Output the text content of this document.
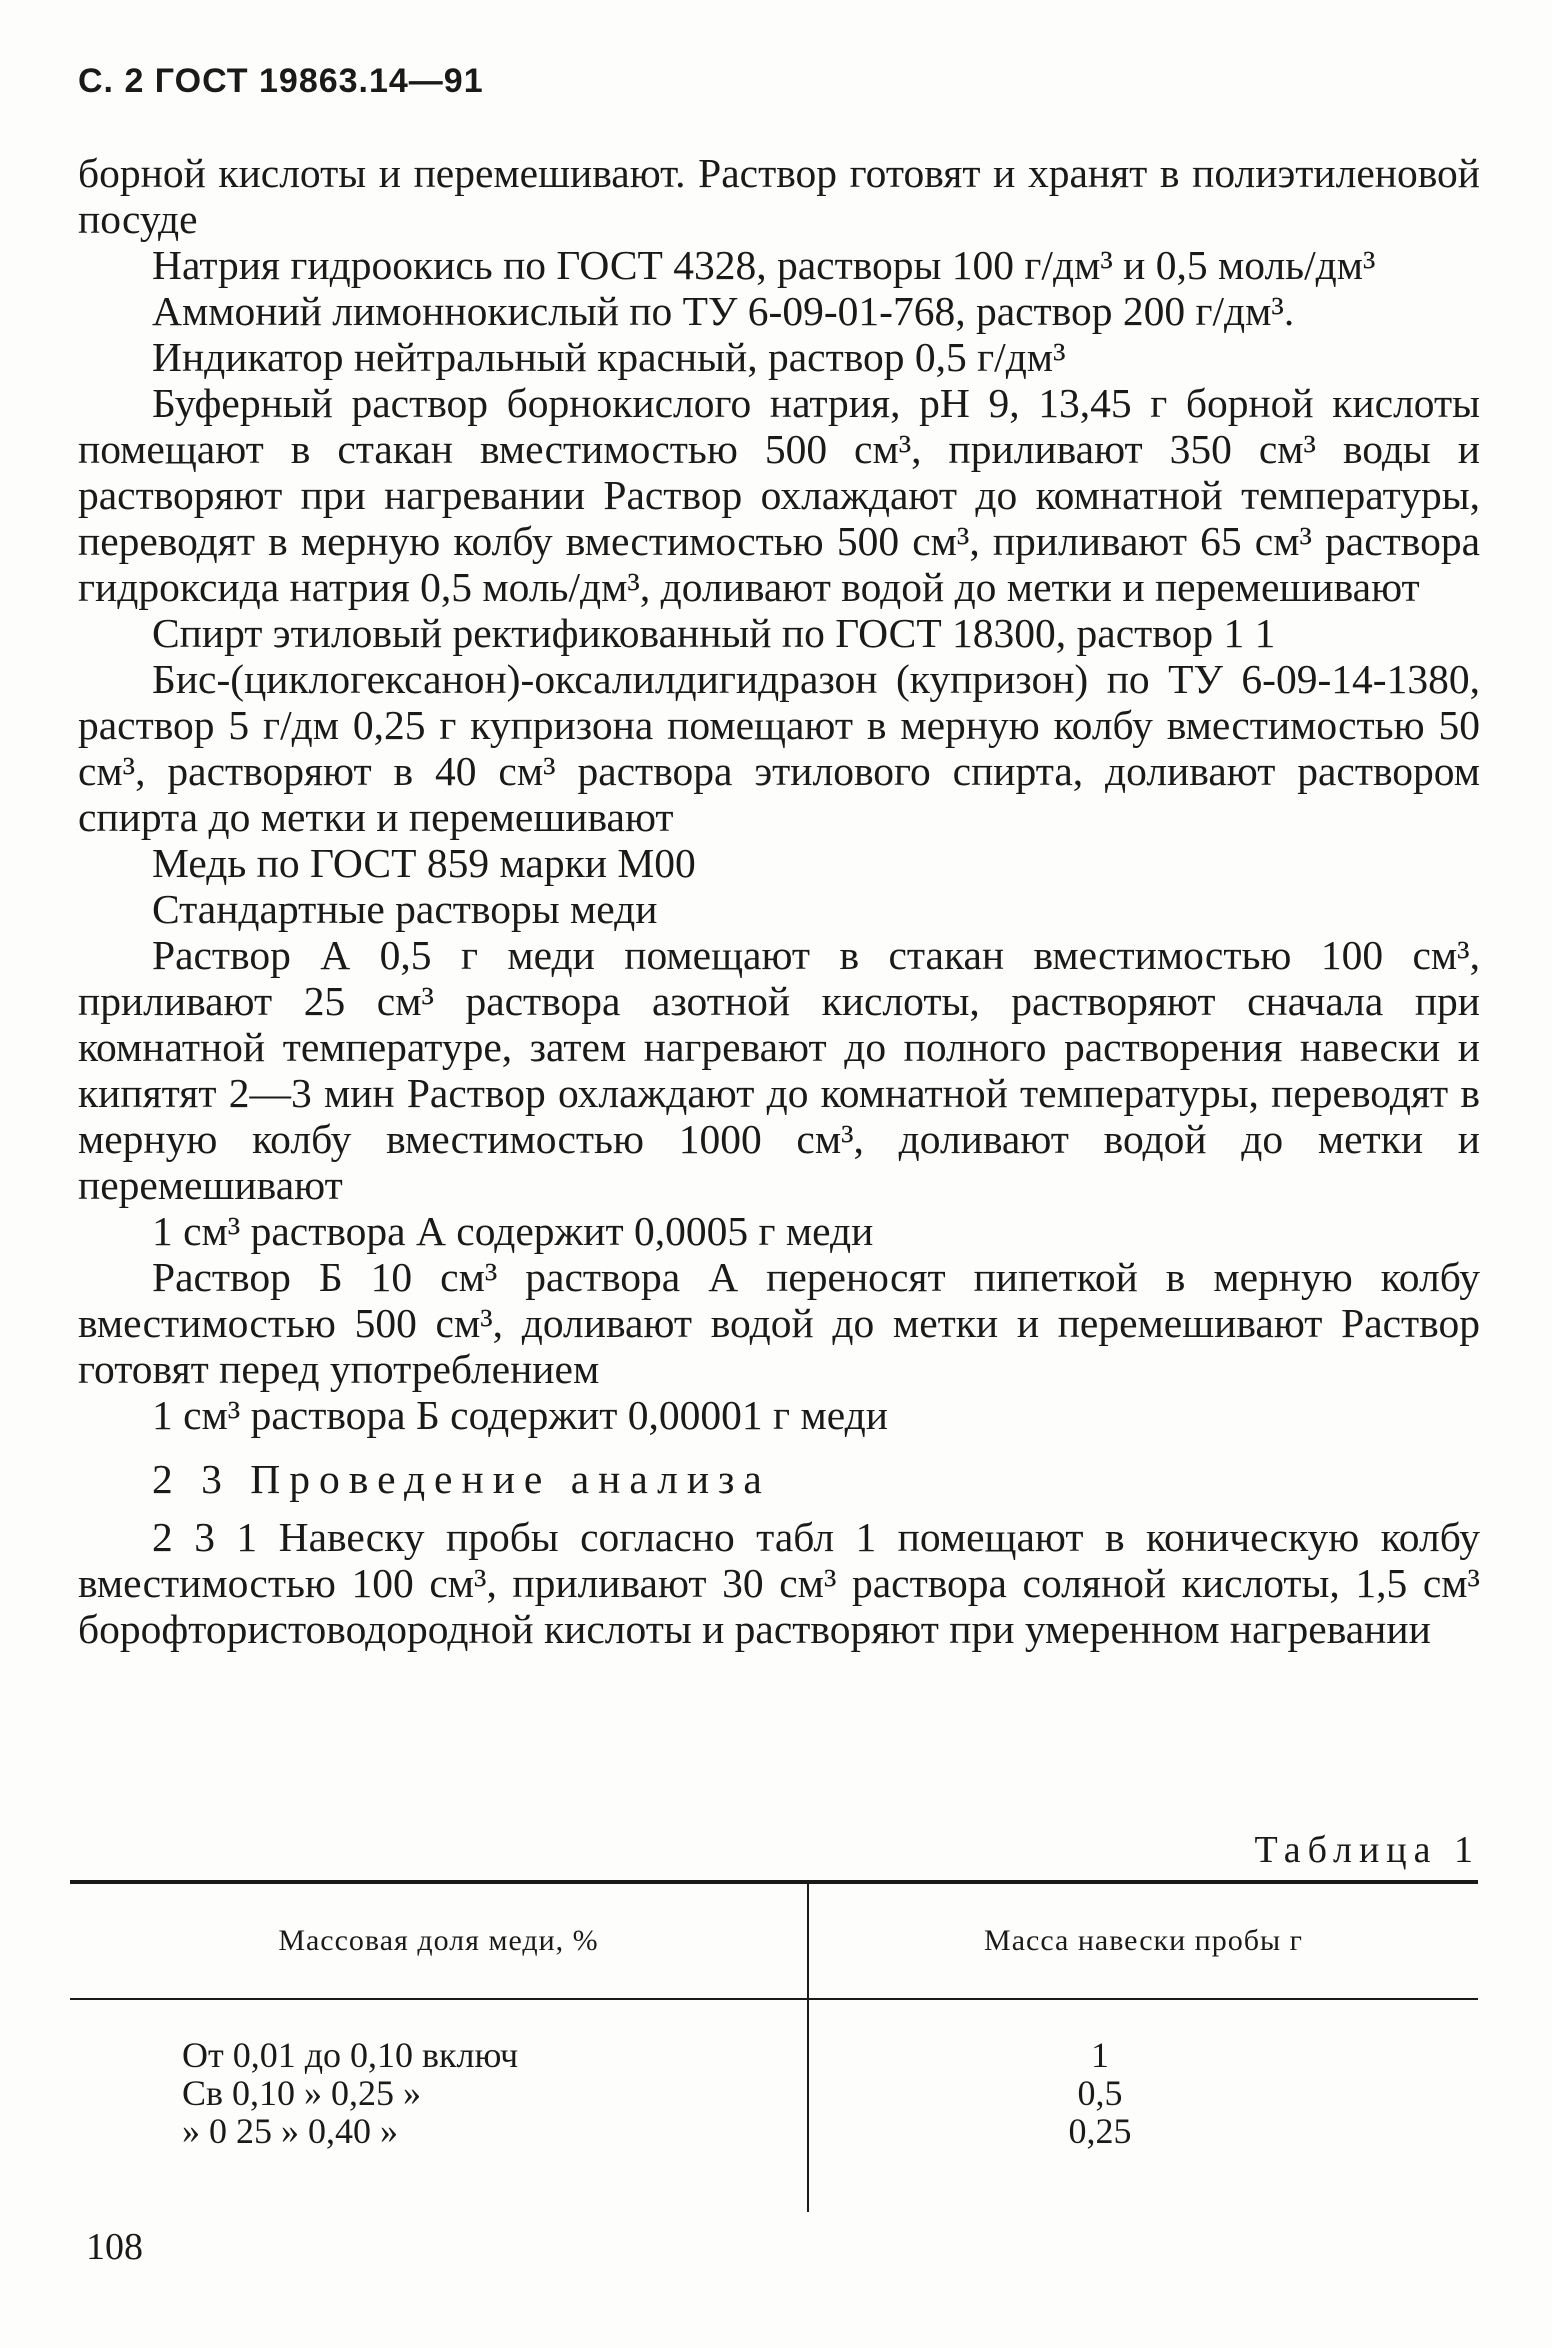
С. 2 ГОСТ 19863.14—91

борной кислоты и перемешивают. Раствор готовят и хранят в полиэтиленовой посуде

Натрия гидроокись по ГОСТ 4328, растворы 100 г/дм³ и 0,5 моль/дм³

Аммоний лимоннокислый по ТУ 6-09-01-768, раствор 200 г/дм³.

Индикатор нейтральный красный, раствор 0,5 г/дм³

Буферный раствор борнокислого натрия, рН 9, 13,45 г борной кислоты помещают в стакан вместимостью 500 см³, приливают 350 см³ воды и растворяют при нагревании Раствор охлаждают до комнатной температуры, переводят в мерную колбу вместимостью 500 см³, приливают 65 см³ раствора гидроксида натрия 0,5 моль/дм³, доливают водой до метки и перемешивают

Спирт этиловый ректификованный по ГОСТ 18300, раствор 1 1

Бис-(циклогексанон)-оксалилдигидразон (купризон) по ТУ 6-09-14-1380, раствор 5 г/дм 0,25 г купризона помещают в мерную колбу вместимостью 50 см³, растворяют в 40 см³ раствора этилового спирта, доливают раствором спирта до метки и перемешивают

Медь по ГОСТ 859 марки М00

Стандартные растворы меди

Раствор А 0,5 г меди помещают в стакан вместимостью 100 см³, приливают 25 см³ раствора азотной кислоты, растворяют сначала при комнатной температуре, затем нагревают до полного растворения навески и кипятят 2—3 мин Раствор охлаждают до комнатной температуры, переводят в мерную колбу вместимостью 1000 см³, доливают водой до метки и перемешивают

1 см³ раствора А содержит 0,0005 г меди

Раствор Б 10 см³ раствора А переносят пипеткой в мерную колбу вместимостью 500 см³, доливают водой до метки и перемешивают Раствор готовят перед употреблением

1 см³ раствора Б содержит 0,00001 г меди

2 3 Проведение анализа

2 3 1 Навеску пробы согласно табл 1 помещают в коническую колбу вместимостью 100 см³, приливают 30 см³ раствора соляной кислоты, 1,5 см³ борофтористоводородной кислоты и растворяют при умеренном нагревании

Таблица 1
Массовая доля меди, %	Масса навески пробы г
От 0,01 до 0,10 включ	1
Св 0,10 » 0,25 »	0,5
» 0 25 » 0,40 »	0,25
108
